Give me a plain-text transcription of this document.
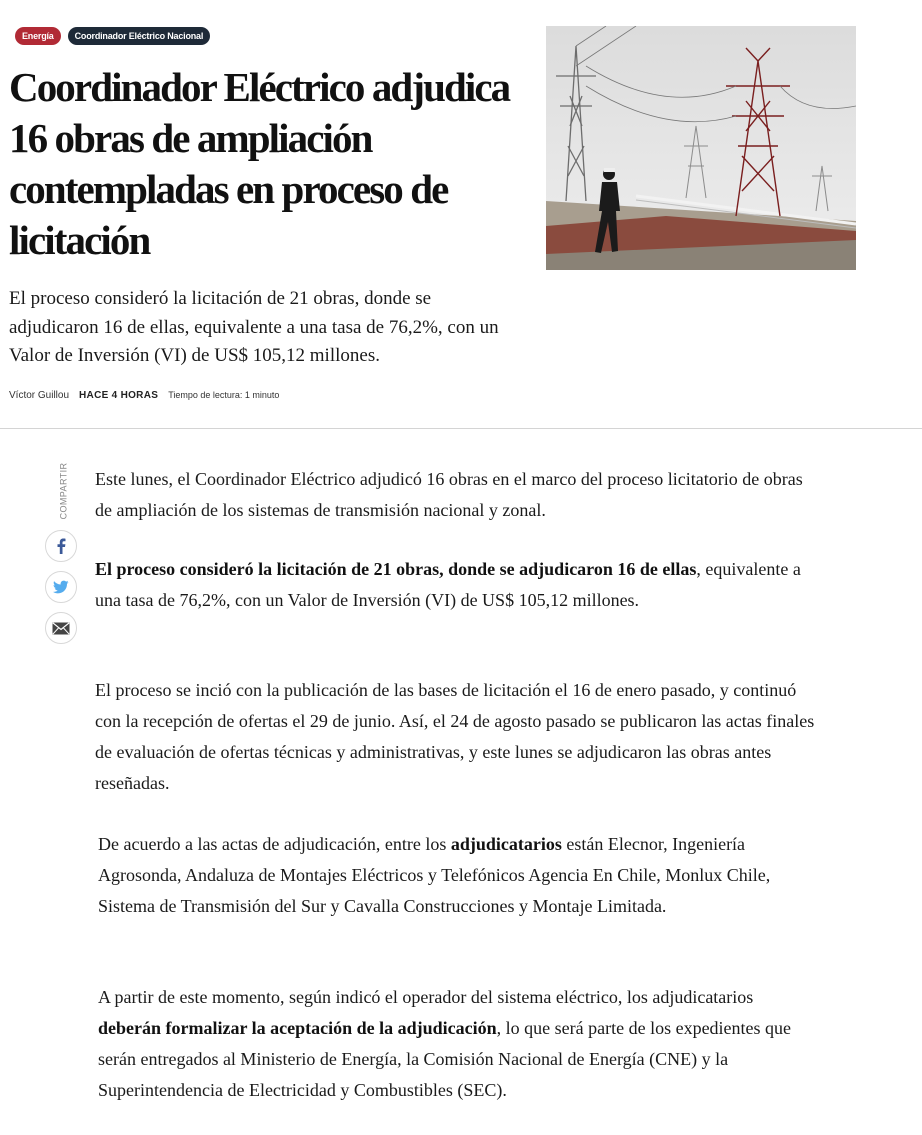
Energía	Coordinador Eléctrico Nacional
Coordinador Eléctrico adjudica 16 obras de ampliación contempladas en proceso de licitación

El proceso consideró la licitación de 21 obras, donde se adjudicaron 16 de ellas, equivalente a una tasa de 76,2%, con un Valor de Inversión (VI) de US$ 105,12 millones.

Víctor Guillou HACE 4 HORAS Tiempo de lectura: 1 minuto
COMPARTIR Este lunes, el Coordinador Eléctrico adjudicó 16 obras en el marco del proceso licitatorio de obras de ampliación de los sistemas de transmisión nacional y zonal.

El proceso consideró la licitación de 21 obras, donde se adjudicaron 16 de ellas, equivalente a una tasa de 76,2%, con un Valor de Inversión (VI) de US$ 105,12 millones.

El proceso se inció con la publicación de las bases de licitación el 16 de enero pasado, y continuó con la recepción de ofertas el 29 de junio. Así, el 24 de agosto pasado se publicaron las actas finales de evaluación de ofertas técnicas y administrativas, y este lunes se adjudicaron las obras antes reseñadas.

De acuerdo a las actas de adjudicación, entre los adjudicatarios están Elecnor, Ingeniería Agrosonda, Andaluza de Montajes Eléctricos y Telefónicos Agencia En Chile, Monlux Chile, Sistema de Transmisión del Sur y Cavalla Construcciones y Montaje Limitada.

A partir de este momento, según indicó el operador del sistema eléctrico, los adjudicatarios deberán formalizar la aceptación de la adjudicación, lo que será parte de los expedientes que serán entregados al Ministerio de Energía, la Comisión Nacional de Energía (CNE) y la Superintendencia de Electricidad y Combustibles (SEC).
